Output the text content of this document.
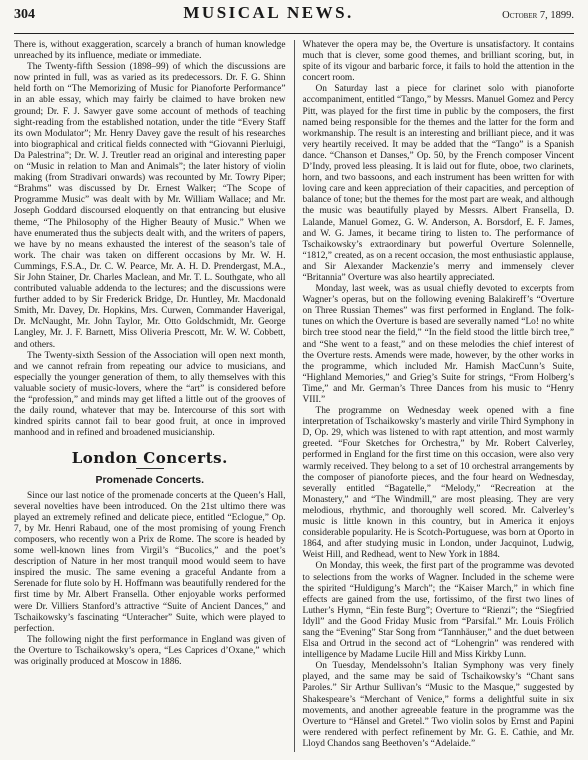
304	MUSICAL NEWS.	October 7, 1899.

There is, without exaggeration, scarcely a branch of human knowledge unreached by its influence, mediate or immediate.

The Twenty-fifth Session (1898–99) of which the discussions are now printed in full, was as varied as its predecessors. Dr. F. G. Shinn held forth on “The Memorizing of Music for Pianoforte Performance” in an able essay, which may fairly be claimed to have broken new ground; Dr. F. J. Sawyer gave some account of methods of teaching sight-reading from the established notation, under the title “Every Staff its own Modulator”; Mr. Henry Davey gave the result of his researches into biographical and critical fields connected with “Giovanni Pierluigi, Da Palestrina”; Dr. W. J. Treutler read an original and interesting paper on “Music in relation to Man and Animals”; the later history of violin making (from Stradivari onwards) was recounted by Mr. Towry Piper; “Brahms” was discussed by Dr. Ernest Walker; “The Scope of Programme Music” was dealt with by Mr. William Wallace; and Mr. Joseph Goddard discoursed eloquently on that entrancing but elusive theme, “The Philosophy of the Higher Beauty of Music.” When we have enumerated thus the subjects dealt with, and the writers of papers, we have by no means exhausted the interest of the season’s tale of work. The chair was taken on different occasions by Mr. W. H. Cummings, F.S.A., Dr. C. W. Pearce, Mr. A. H. D. Prendergast, M.A., Sir John Stainer, Dr. Charles Maclean, and Mr. T. L. Southgate, who all contributed valuable addenda to the lectures; and the discussions were further added to by Sir Frederick Bridge, Dr. Huntley, Mr. Macdonald Smith, Mr. Davey, Dr. Hopkins, Mrs. Curwen, Commander Haverigal, Dr. McNaught, Mr. John Taylor, Mr. Otto Goldschmidt, Mr. George Langley, Mr. J. F. Barnett, Miss Oliveria Prescott, Mr. W. W. Cobbett, and others.

The Twenty-sixth Session of the Association will open next month, and we cannot refrain from repeating our advice to musicians, and especially the younger generation of them, to ally themselves with this valuable society of music-lovers, where the “art” is considered before the “profession,” and minds may get lifted a little out of the grooves of the daily round, whatever that may be. Intercourse of this sort with kindred spirits cannot fail to bear good fruit, at once in improved manhood and in refined and broadened musicianship.

London Concerts.
Promenade Concerts.

Since our last notice of the promenade concerts at the Queen’s Hall, several novelties have been introduced. On the 21st ultimo there was played an extremely refined and delicate piece, entitled “Eclogue,” Op. 7, by Mr. Henri Rabaud, one of the most promising of young French composers, who recently won a Prix de Rome. The score is headed by some well-known lines from Virgil’s “Bucolics,” and the poet’s description of Nature in her most tranquil mood would seem to have inspired the music. The same evening a graceful Andante from a Serenade for flute solo by H. Hoffmann was beautifully rendered for the first time by Mr. Albert Fransella. Other enjoyable works performed were Dr. Villiers Stanford’s attractive “Suite of Ancient Dances,” and Tschaikowsky’s fascinating “Unteracher” Suite, which were played to perfection.

The following night the first performance in England was given of the Overture to Tschaikowsky’s opera, “Les Caprices d’Oxane,” which was originally produced at Moscow in 1886.

Whatever the opera may be, the Overture is unsatisfactory. It contains much that is clever, some good themes, and brilliant scoring, but, in spite of its vigour and barbaric force, it fails to hold the attention in the concert room.

On Saturday last a piece for clarinet solo with pianoforte accompaniment, entitled “Tango,” by Messrs. Manuel Gomez and Percy Pitt, was played for the first time in public by the composers, the first named being responsible for the themes and the latter for the form and workmanship. The result is an interesting and brilliant piece, and it was very heartily received. It may be added that the “Tango” is a Spanish dance. “Chanson et Danses,” Op. 50, by the French composer Vincent D’Indy, proved less pleasing. It is laid out for flute, oboe, two clarinets, horn, and two bassoons, and each instrument has been written for with loving care and keen appreciation of their capacities, and perception of balance of tone; but the themes for the most part are weak, and although the music was beautifully played by Messrs. Albert Fransella, D. Lalande, Manuel Gomez, G. W. Anderson, A. Borsdorf, E. F. James, and W. G. James, it became tiring to listen to. The performance of Tschaikowsky’s extraordinary but powerful Overture Solennelle, “1812,” created, as on a recent occasion, the most enthusiastic applause, and Sir Alexander Mackenzie’s merry and immensely clever “Britannia” Overture was also heartily appreciated.

Monday, last week, was as usual chiefly devoted to excerpts from Wagner’s operas, but on the following evening Balakireff’s “Overture on Three Russian Themes” was first performed in England. The folk-tunes on which the Overture is based are severally named “Lo! no white birch tree stood near the field,” “In the field stood the little birch tree,” and “She went to a feast,” and on these melodies the chief interest of the Overture rests. Amends were made, however, by the other works in the programme, which included Mr. Hamish MacCunn’s Suite, “Highland Memories,” and Grieg’s Suite for strings, “From Holberg’s Time,” and Mr. German’s Three Dances from his music to “Henry VIII.”

The programme on Wednesday week opened with a fine interpretation of Tschaikowsky’s masterly and virile Third Symphony in D, Op. 29, which was listened to with rapt attention, and most warmly greeted. “Four Sketches for Orchestra,” by Mr. Robert Calverley, performed in England for the first time on this occasion, were also very warmly received. They belong to a set of 10 orchestral arrangements by the composer of pianoforte pieces, and the four heard on Wednesday, severally entitled “Bagatelle,” “Melody,” “Recreation at the Monastery,” and “The Windmill,” are most pleasing. They are very melodious, rhythmic, and thoroughly well scored. Mr. Calverley’s music is little known in this country, but in America it enjoys considerable popularity. He is Scotch-Portuguese, was born at Oporto in 1864, and after studying music in London, under Jacquinot, Ludwig, Weist Hill, and Redhead, went to New York in 1884.

On Monday, this week, the first part of the programme was devoted to selections from the works of Wagner. Included in the scheme were the spirited “Huldigung’s March”; the “Kaiser March,” in which fine effects are gained from the use, fortissimo, of the first two lines of Luther’s Hymn, “Ein feste Burg”; Overture to “Rienzi”; the “Siegfried Idyll” and the Good Friday Music from “Parsifal.” Mr. Louis Frölich sang the “Evening” Star Song from “Tannhäuser,” and the duet between Elsa and Ortrud in the second act of “Lohengrin” was rendered with intelligence by Madame Lucile Hill and Miss Kirkby Lunn.

On Tuesday, Mendelssohn’s Italian Symphony was very finely played, and the same may be said of Tschaikowsky’s “Chant sans Paroles.” Sir Arthur Sullivan’s “Music to the Masque,” suggested by Shakespeare’s “Merchant of Venice,” forms a delightful suite in six movements, and another agreeable feature in the programme was the Overture to “Hänsel and Gretel.” Two violin solos by Ernst and Papini were rendered with perfect refinement by Mr. G. E. Cathie, and Mr. Lloyd Chandos sang Beethoven’s “Adelaide.”
